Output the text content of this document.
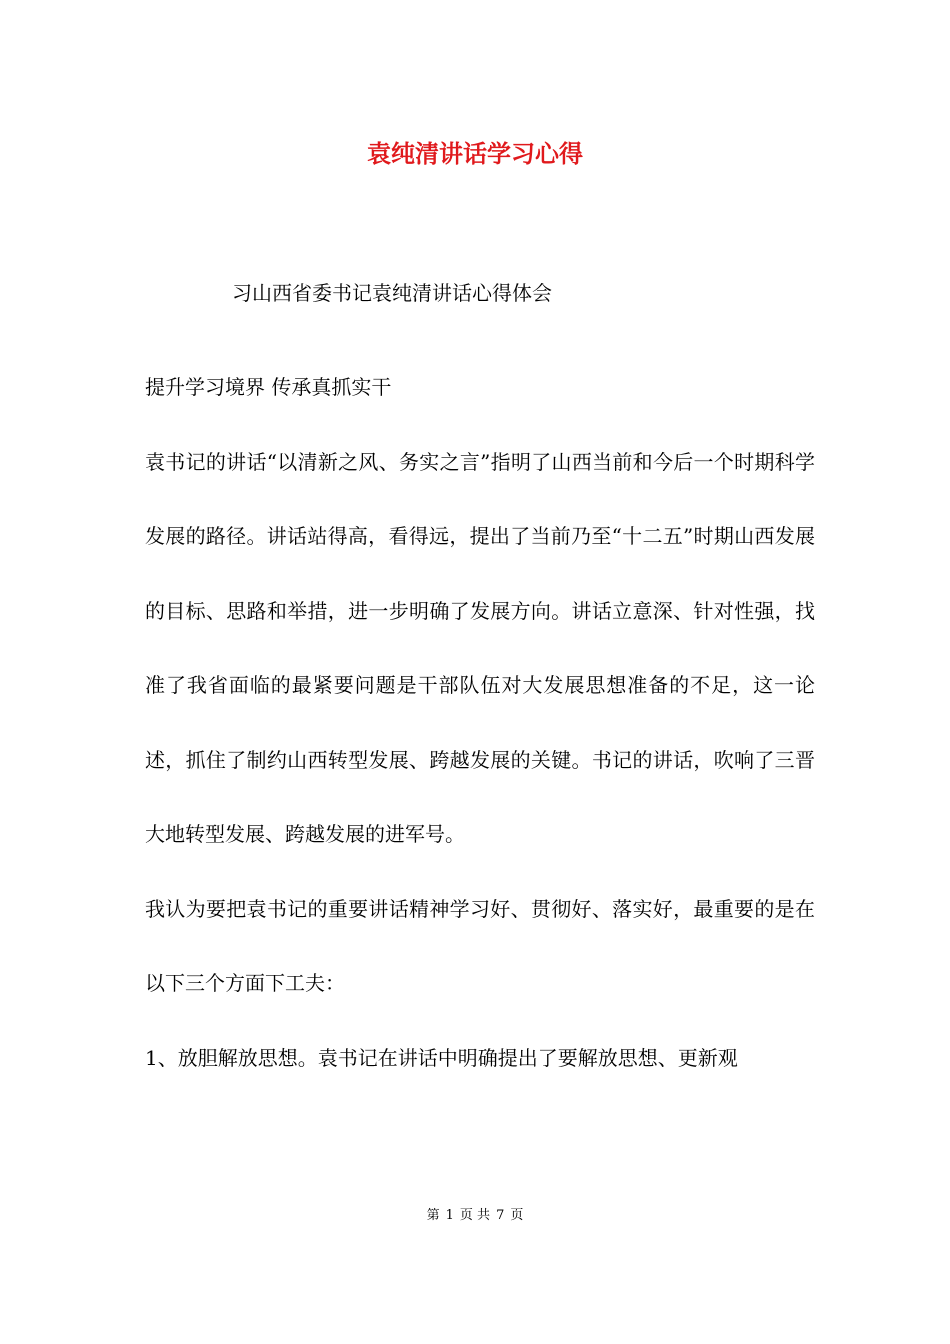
袁纯清讲话学习心得

习山西省委书记袁纯清讲话心得体会

提升学习境界 传承真抓实干

袁书记的讲话“以清新之风、务实之言”指明了山西当前和今后一个时期科学发展的路径。讲话站得高，看得远，提出了当前乃至“十二五”时期山西发展的目标、思路和举措，进一步明确了发展方向。讲话立意深、针对性强，找准了我省面临的最紧要问题是干部队伍对大发展思想准备的不足，这一论述，抓住了制约山西转型发展、跨越发展的关键。书记的讲话，吹响了三晋大地转型发展、跨越发展的进军号。

我认为要把袁书记的重要讲话精神学习好、贯彻好、落实好，最重要的是在以下三个方面下工夫：

1、放胆解放思想。袁书记在讲话中明确提出了要解放思想、更新观

第 1 页 共 7 页
